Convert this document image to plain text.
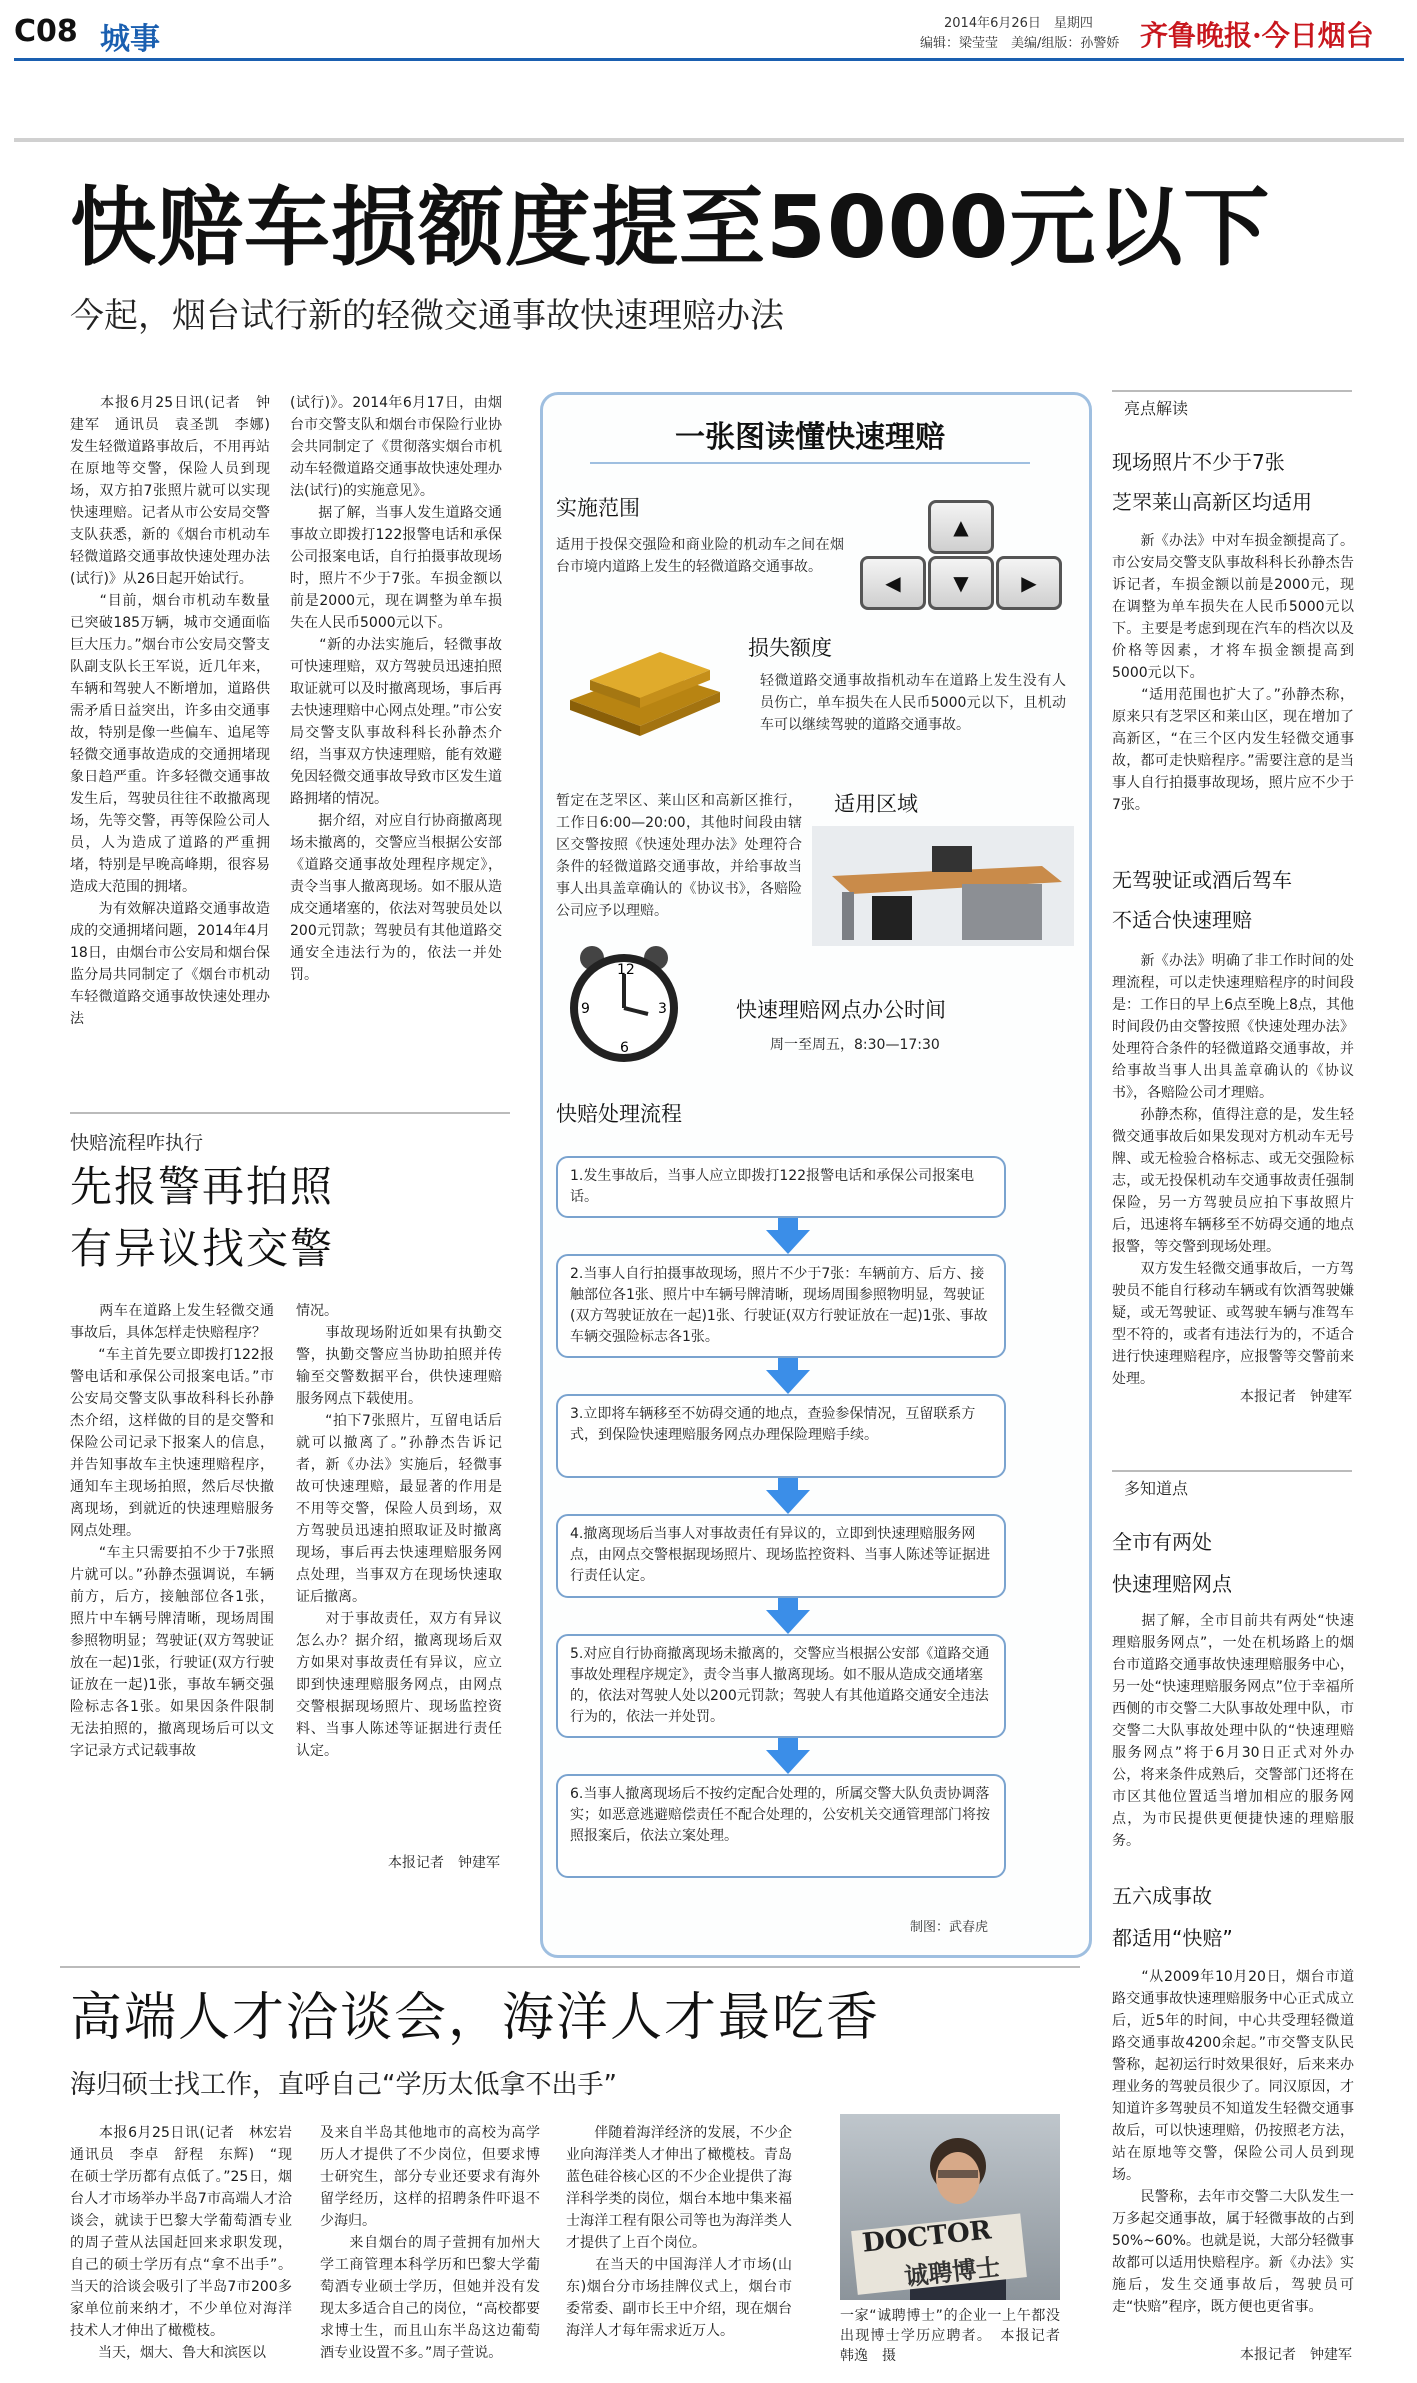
C08 城事	2014年6月26日　星期四
编辑：梁莹莹　美编/组版：孙警娇 齐鲁晚报·今日烟台
快赔车损额度提至5000元以下
今起，烟台试行新的轻微交通事故快速理赔办法
　　本报6月25日讯(记者　钟建军　通讯员　袁圣凯　李娜)　发生轻微道路事故后，不用再站在原地等交警，保险人员到现场，双方拍7张照片就可以实现快速理赔。记者从市公安局交警支队获悉，新的《烟台市机动车轻微道路交通事故快速处理办法(试行)》从26日起开始试行。
　　“目前，烟台市机动车数量已突破185万辆，城市交通面临巨大压力。”烟台市公安局交警支队副支队长王军说，近几年来，车辆和驾驶人不断增加，道路供需矛盾日益突出，许多由交通事故，特别是像一些偏车、追尾等轻微交通事故造成的交通拥堵现象日趋严重。许多轻微交通事故发生后，驾驶员往往不敢撤离现场，先等交警，再等保险公司人员，人为造成了道路的严重拥堵，特别是早晚高峰期，很容易造成大范围的拥堵。
　　为有效解决道路交通事故造成的交通拥堵问题，2014年4月18日，由烟台市公安局和烟台保监分局共同制定了《烟台市机动车轻微道路交通事故快速处理办法
(试行)》。2014年6月17日，由烟台市交警支队和烟台市保险行业协会共同制定了《贯彻落实烟台市机动车轻微道路交通事故快速处理办法(试行)的实施意见》。
　　据了解，当事人发生道路交通事故立即拨打122报警电话和承保公司报案电话，自行拍摄事故现场时，照片不少于7张。车损金额以前是2000元，现在调整为单车损失在人民币5000元以下。
　　“新的办法实施后，轻微事故可快速理赔，双方驾驶员迅速拍照取证就可以及时撤离现场，事后再去快速理赔中心网点处理。”市公安局交警支队事故科科长孙静杰介绍，当事双方快速理赔，能有效避免因轻微交通事故导致市区发生道路拥堵的情况。
　　据介绍，对应自行协商撤离现场未撤离的，交警应当根据公安部《道路交通事故处理程序规定》，责令当事人撤离现场。如不服从造成交通堵塞的，依法对驾驶员处以200元罚款；驾驶员有其他道路交通安全违法行为的，依法一并处罚。
一张图读懂快速理赔
实施范围
适用于投保交强险和商业险的机动车之间在烟台市境内道路上发生的轻微道路交通事故。
▲
◀	▼	▶
损失额度
轻微道路交通事故指机动车在道路上发生没有人员伤亡，单车损失在人民币5000元以下，且机动车可以继续驾驶的道路交通事故。
暂定在芝罘区、莱山区和高新区推行，工作日6:00—20:00，其他时间段由辖区交警按照《快速处理办法》处理符合条件的轻微道路交通事故，并给事故当事人出具盖章确认的《协议书》，各赔险公司应予以理赔。
适用区域
12
3
6
9	快速理赔网点办公时间
周一至周五，8:30—17:30
快赔处理流程
1.发生事故后，当事人应立即拨打122报警电话和承保公司报案电话。
2.当事人自行拍摄事故现场，照片不少于7张：车辆前方、后方、接触部位各1张、照片中车辆号牌清晰，现场周围参照物明显，驾驶证(双方驾驶证放在一起)1张、行驶证(双方行驶证放在一起)1张、事故车辆交强险标志各1张。
3.立即将车辆移至不妨碍交通的地点，查验参保情况，互留联系方式，到保险快速理赔服务网点办理保险理赔手续。
4.撤离现场后当事人对事故责任有异议的，立即到快速理赔服务网点，由网点交警根据现场照片、现场监控资料、当事人陈述等证据进行责任认定。
5.对应自行协商撤离现场未撤离的，交警应当根据公安部《道路交通事故处理程序规定》，责令当事人撤离现场。如不服从造成交通堵塞的，依法对驾驶人处以200元罚款；驾驶人有其他道路交通安全违法行为的，依法一并处罚。
6.当事人撤离现场后不按约定配合处理的，所属交警大队负责协调落实；如恶意逃避赔偿责任不配合处理的，公安机关交通管理部门将按照报案后，依法立案处理。
制图：武春虎
快赔流程咋执行
先报警再拍照
有异议找交警
　　两车在道路上发生轻微交通事故后，具体怎样走快赔程序？
　　“车主首先要立即拨打122报警电话和承保公司报案电话。”市公安局交警支队事故科科长孙静杰介绍，这样做的目的是交警和保险公司记录下报案人的信息，并告知事故车主快速理赔程序，通知车主现场拍照，然后尽快撤离现场，到就近的快速理赔服务网点处理。
　　“车主只需要拍不少于7张照片就可以。”孙静杰强调说，车辆前方，后方，接触部位各1张，照片中车辆号牌清晰，现场周围参照物明显；驾驶证(双方驾驶证放在一起)1张，行驶证(双方行驶证放在一起)1张，事故车辆交强险标志各1张。如果因条件限制无法拍照的，撤离现场后可以文字记录方式记载事故
情况。
　　事故现场附近如果有执勤交警，执勤交警应当协助拍照并传输至交警数据平台，供快速理赔服务网点下载使用。
　　“拍下7张照片，互留电话后就可以撤离了。”孙静杰告诉记者，新《办法》实施后，轻微事故可快速理赔，最显著的作用是不用等交警，保险人员到场，双方驾驶员迅速拍照取证及时撤离现场，事后再去快速理赔服务网点处理，当事双方在现场快速取证后撤离。
　　对于事故责任，双方有异议怎么办？据介绍，撤离现场后双方如果对事故责任有异议，应立即到快速理赔服务网点，由网点交警根据现场照片、现场监控资料、当事人陈述等证据进行责任认定。
本报记者　钟建军
亮点解读
现场照片不少于7张
芝罘莱山高新区均适用
　　新《办法》中对车损金额提高了。市公安局交警支队事故科科长孙静杰告诉记者，车损金额以前是2000元，现在调整为单车损失在人民币5000元以下。主要是考虑到现在汽车的档次以及价格等因素，才将车损金额提高到5000元以下。
　　“适用范围也扩大了。”孙静杰称，原来只有芝罘区和莱山区，现在增加了高新区，“在三个区内发生轻微交通事故，都可走快赔程序。”需要注意的是当事人自行拍摄事故现场，照片应不少于7张。
无驾驶证或酒后驾车
不适合快速理赔
　　新《办法》明确了非工作时间的处理流程，可以走快速理赔程序的时间段是：工作日的早上6点至晚上8点，其他时间段仍由交警按照《快速处理办法》处理符合条件的轻微道路交通事故，并给事故当事人出具盖章确认的《协议书》，各赔险公司才理赔。
　　孙静杰称，值得注意的是，发生轻微交通事故后如果发现对方机动车无号牌、或无检验合格标志、或无交强险标志，或无投保机动车交通事故责任强制保险，另一方驾驶员应拍下事故照片后，迅速将车辆移至不妨碍交通的地点报警，等交警到现场处理。
　　双方发生轻微交通事故后，一方驾驶员不能自行移动车辆或有饮酒驾驶嫌疑，或无驾驶证、或驾驶车辆与准驾车型不符的，或者有违法行为的，不适合进行快速理赔程序，应报警等交警前来处理。
本报记者　钟建军
多知道点
全市有两处
快速理赔网点
　　据了解，全市目前共有两处“快速理赔服务网点”，一处在机场路上的烟台市道路交通事故快速理赔服务中心，另一处“快速理赔服务网点”位于幸福所西侧的市交警二大队事故处理中队，市交警二大队事故处理中队的“快速理赔服务网点”将于6月30日正式对外办公，将来条件成熟后，交警部门还将在市区其他位置适当增加相应的服务网点，为市民提供更便捷快速的理赔服务。
五六成事故
都适用“快赔”
　　“从2009年10月20日，烟台市道路交通事故快速理赔服务中心正式成立后，近5年的时间，中心共受理轻微道路交通事故4200余起。”市交警支队民警称，起初运行时效果很好，后来来办理业务的驾驶员很少了。同汉原因，才知道许多驾驶员不知道发生轻微交通事故后，可以快速理赔，仍按照老方法，站在原地等交警，保险公司人员到现场。
　　民警称，去年市交警二大队发生一万多起交通事故，属于轻微事故的占到50%~60%。也就是说，大部分轻微事故都可以适用快赔程序。新《办法》实施后，发生交通事故后，驾驶员可走“快赔”程序，既方便也更省事。
本报记者　钟建军
高端人才洽谈会，海洋人才最吃香
海归硕士找工作，直呼自己“学历太低拿不出手”
　　本报6月25日讯(记者　林宏岩　通讯员　李卓　舒程　东辉)　“现在硕士学历都有点低了。”25日，烟台人才市场举办半岛7市高端人才洽谈会，就读于巴黎大学葡萄酒专业的周子萱从法国赶回来求职发现，自己的硕士学历有点“拿不出手”。当天的洽谈会吸引了半岛7市200多家单位前来纳才，不少单位对海洋技术人才伸出了橄榄枝。
　　当天，烟大、鲁大和滨医以
及来自半岛其他地市的高校为高学历人才提供了不少岗位，但要求博士研究生，部分专业还要求有海外留学经历，这样的招聘条件吓退不少海归。
　　来自烟台的周子萱拥有加州大学工商管理本科学历和巴黎大学葡萄酒专业硕士学历，但她并没有发现太多适合自己的岗位，“高校都要求博士生，而且山东半岛这边葡萄酒专业设置不多。”周子萱说。
　　伴随着海洋经济的发展，不少企业向海洋类人才伸出了橄榄枝。青岛蓝色硅谷核心区的不少企业提供了海洋科学类的岗位，烟台本地中集来福士海洋工程有限公司等也为海洋类人才提供了上百个岗位。
　　在当天的中国海洋人才市场(山东)烟台分市场挂牌仪式上，烟台市委常委、副市长王中介绍，现在烟台海洋人才每年需求近万人。
DOCTOR
诚聘博士
一家“诚聘博士”的企业一上午都没出现博士学历应聘者。　本报记者　韩逸　摄
